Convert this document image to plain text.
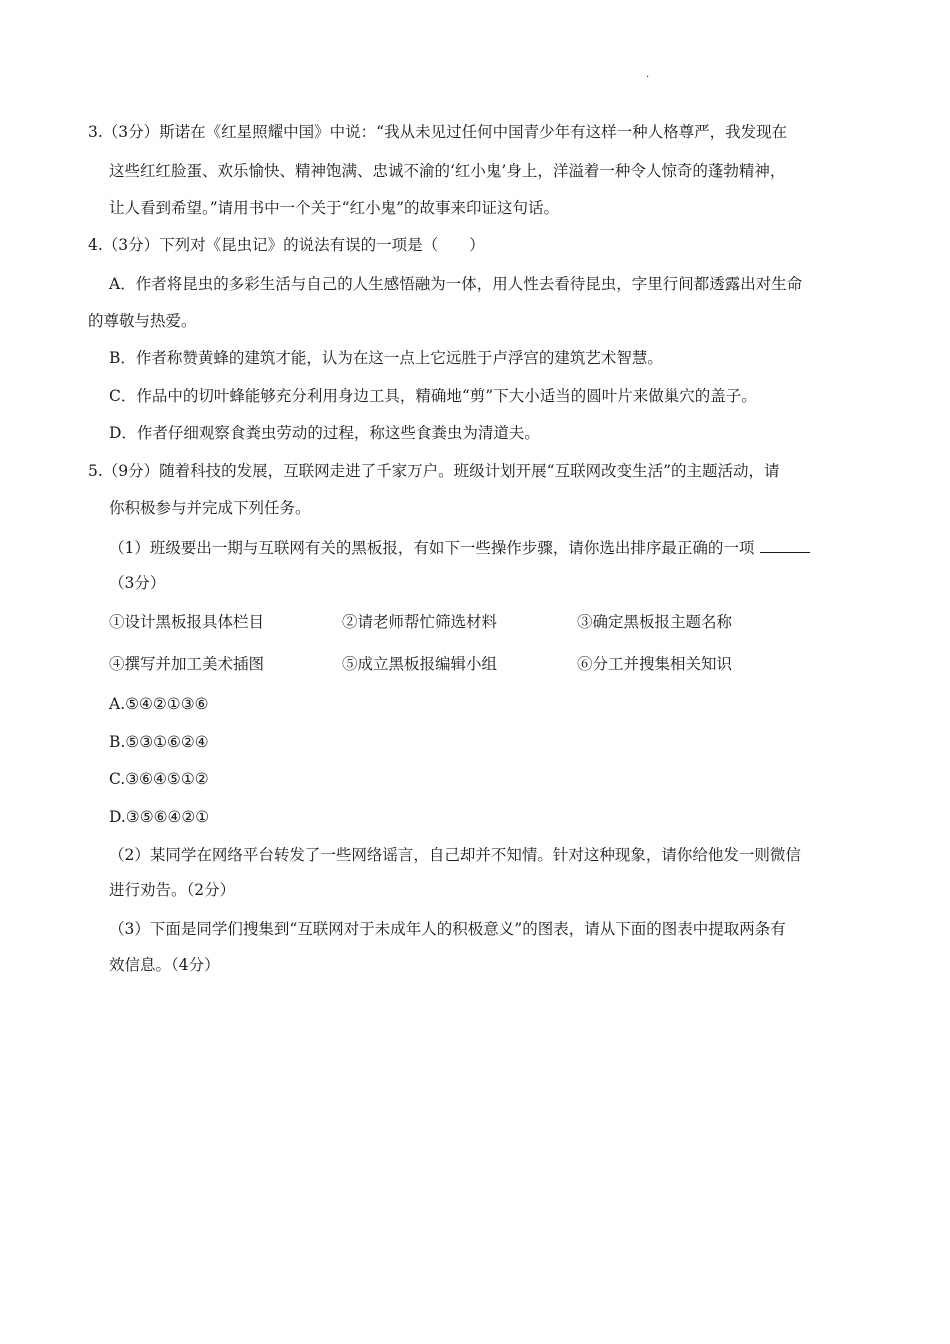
·
3.（3分）斯诺在《红星照耀中国》中说：“我从未见过任何中国青少年有这样一种人格尊严，我发现在
这些红红脸蛋、欢乐愉快、精神饱满、忠诚不渝的‘红小鬼’身上，洋溢着一种令人惊奇的蓬勃精神，
让人看到希望。”请用书中一个关于“红小鬼”的故事来印证这句话。
4.（3分）下列对《昆虫记》的说法有误的一项是（　　）
A．作者将昆虫的多彩生活与自己的人生感悟融为一体，用人性去看待昆虫，字里行间都透露出对生命
的尊敬与热爱。
B．作者称赞黄蜂的建筑才能，认为在这一点上它远胜于卢浮宫的建筑艺术智慧。
C．作品中的切叶蜂能够充分利用身边工具，精确地“剪”下大小适当的圆叶片来做巢穴的盖子。
D．作者仔细观察食粪虫劳动的过程，称这些食粪虫为清道夫。
5.（9分）随着科技的发展，互联网走进了千家万户。班级计划开展“互联网改变生活”的主题活动，请
你积极参与并完成下列任务。
（1）班级要出一期与互联网有关的黑板报，有如下一些操作步骤，请你选出排序最正确的一项
（3分）
①设计黑板报具体栏目	②请老师帮忙筛选材料	③确定黑板报主题名称
④撰写并加工美术插图	⑤成立黑板报编辑小组	⑥分工并搜集相关知识
A.⑤④②①③⑥
B.⑤③①⑥②④
C.③⑥④⑤①②
D.③⑤⑥④②①
（2）某同学在网络平台转发了一些网络谣言，自己却并不知情。针对这种现象，请你给他发一则微信
进行劝告。（2分）
（3）下面是同学们搜集到“互联网对于未成年人的积极意义”的图表，请从下面的图表中提取两条有
效信息。（4分）
